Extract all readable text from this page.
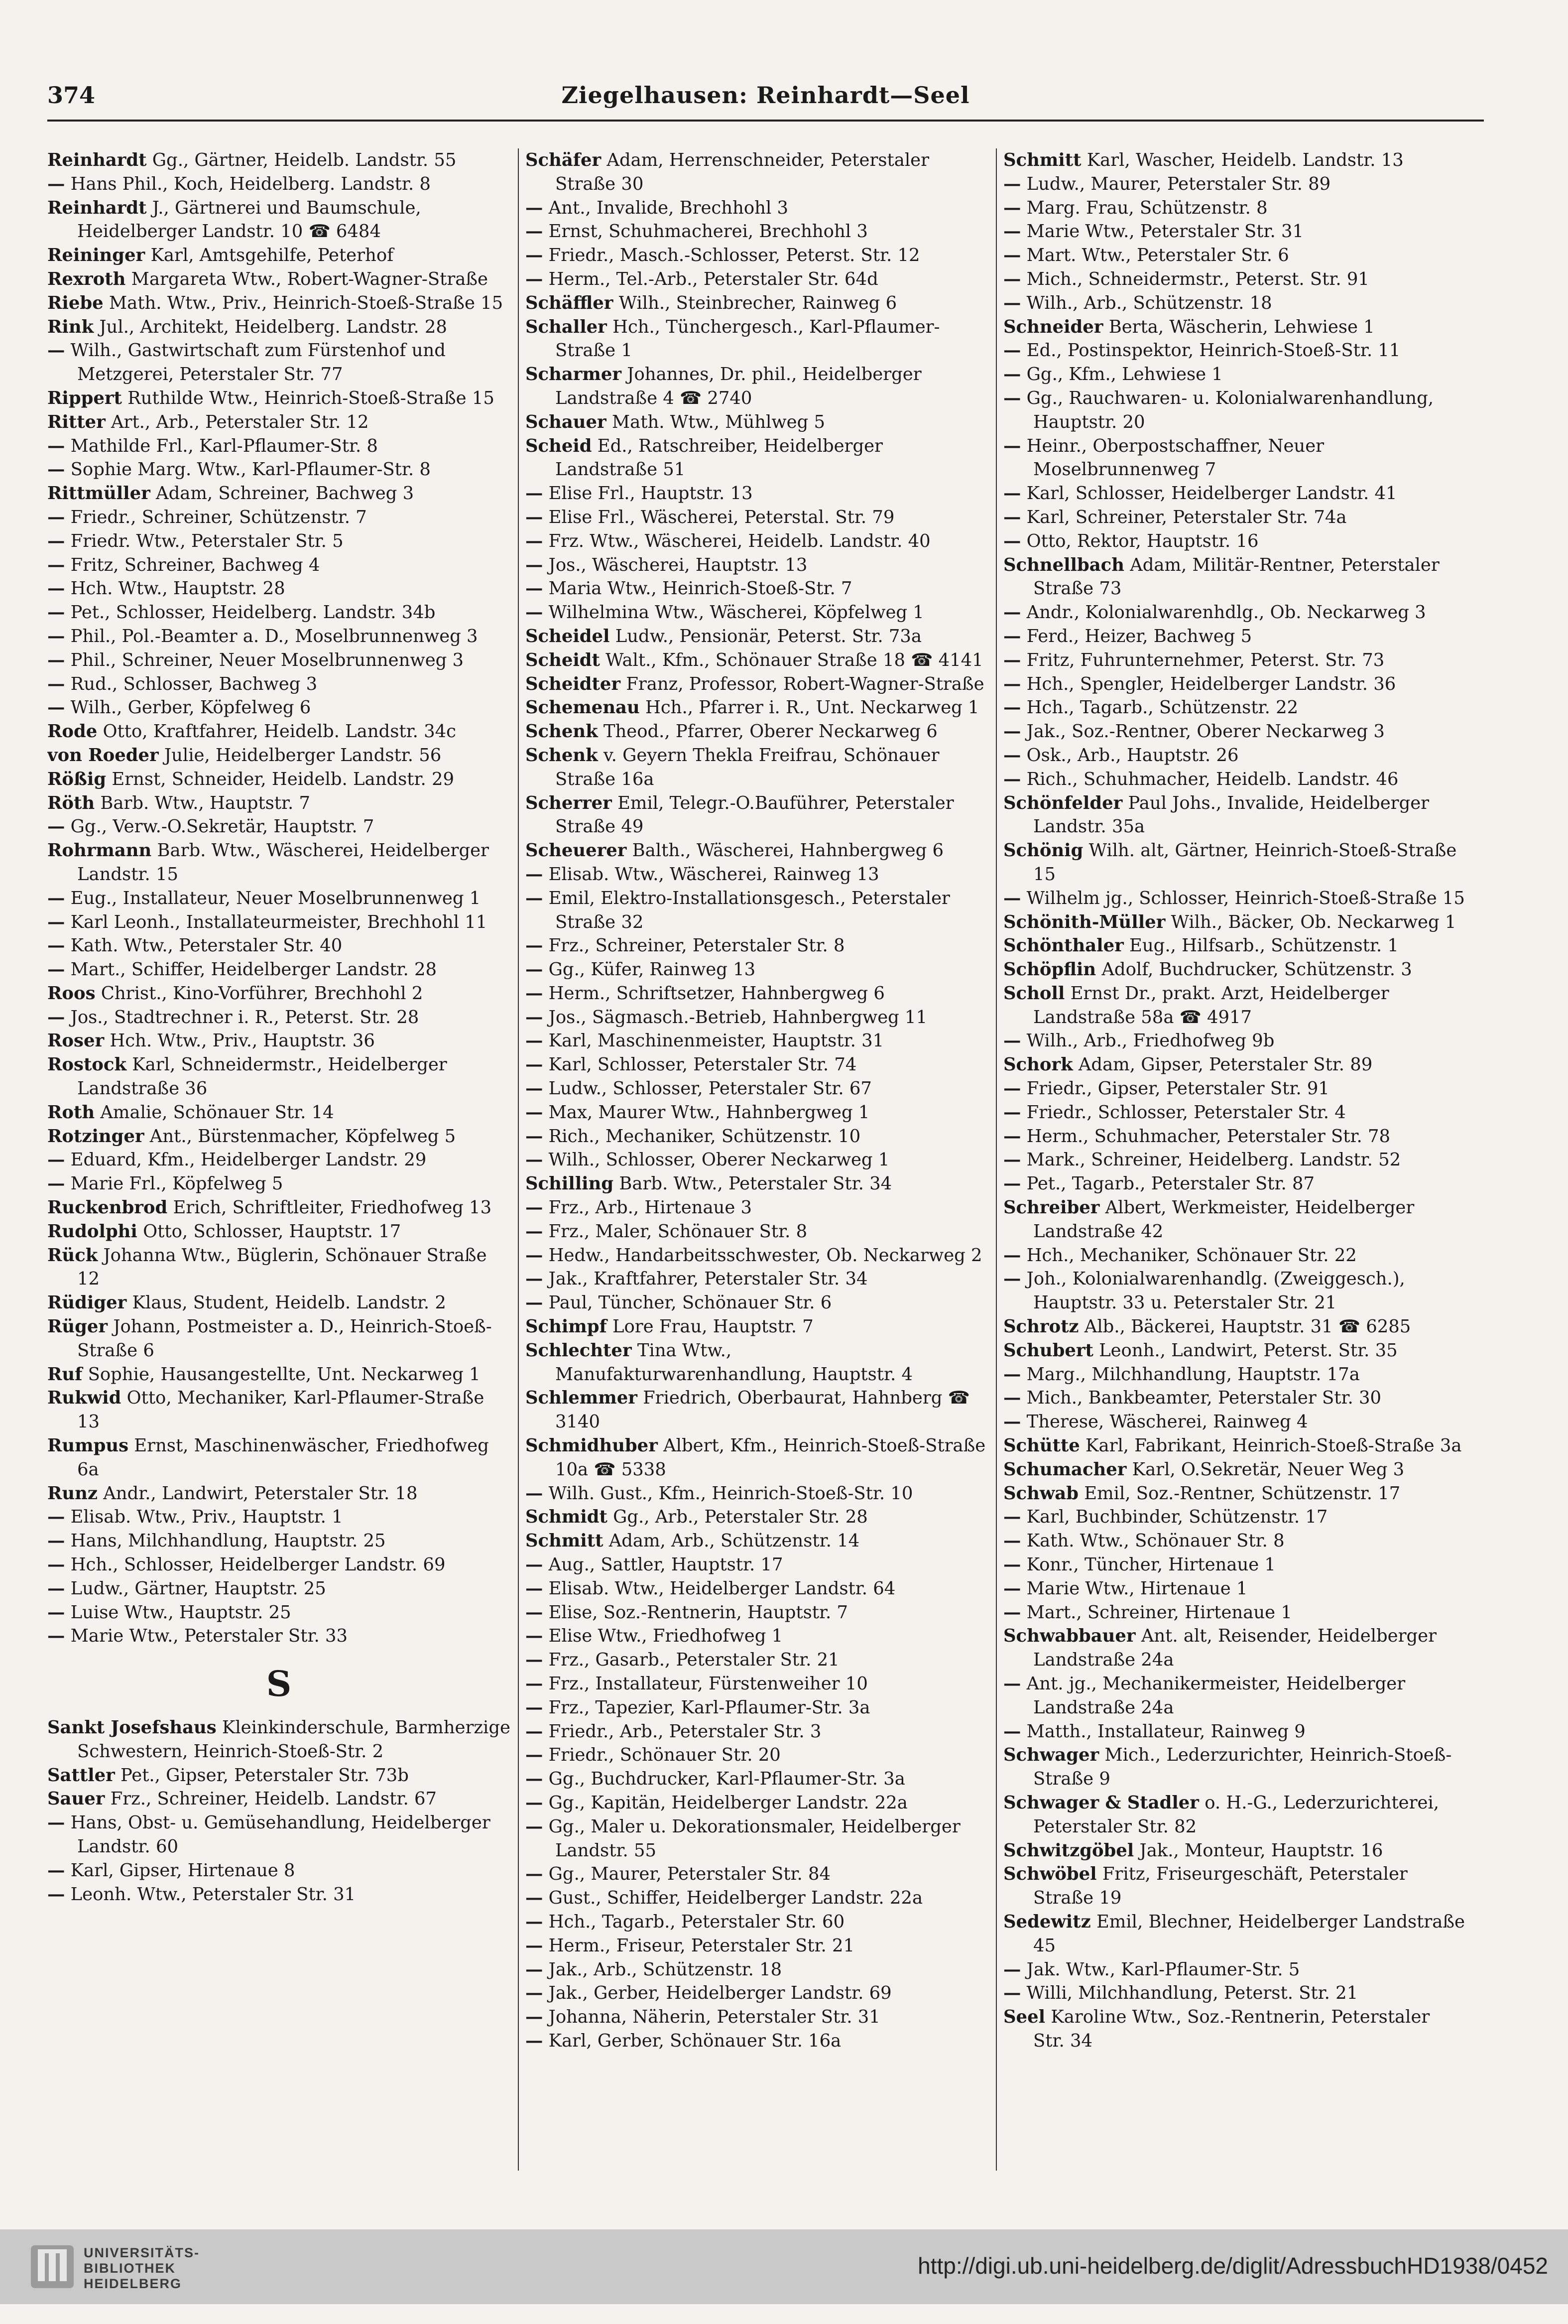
374	Ziegelhausen: Reinhardt—Seel

Reinhardt Gg., Gärtner, Heidelb. Landstr. 55

— Hans Phil., Koch, Heidelberg. Landstr. 8

Reinhardt J., Gärtnerei und Baumschule, Heidelberger Landstr. 10 ☎ 6484

Reininger Karl, Amtsgehilfe, Peterhof

Rexroth Margareta Wtw., Robert-Wagner-Straße

Riebe Math. Wtw., Priv., Heinrich-Stoeß-Straße 15

Rink Jul., Architekt, Heidelberg. Landstr. 28

— Wilh., Gastwirtschaft zum Fürstenhof und Metzgerei, Peterstaler Str. 77

Rippert Ruthilde Wtw., Heinrich-Stoeß-Straße 15

Ritter Art., Arb., Peterstaler Str. 12

— Mathilde Frl., Karl-Pflaumer-Str. 8

— Sophie Marg. Wtw., Karl-Pflaumer-Str. 8

Rittmüller Adam, Schreiner, Bachweg 3

— Friedr., Schreiner, Schützenstr. 7

— Friedr. Wtw., Peterstaler Str. 5

— Fritz, Schreiner, Bachweg 4

— Hch. Wtw., Hauptstr. 28

— Pet., Schlosser, Heidelberg. Landstr. 34b

— Phil., Pol.-Beamter a. D., Moselbrunnenweg 3

— Phil., Schreiner, Neuer Moselbrunnenweg 3

— Rud., Schlosser, Bachweg 3

— Wilh., Gerber, Köpfelweg 6

Rode Otto, Kraftfahrer, Heidelb. Landstr. 34c

von Roeder Julie, Heidelberger Landstr. 56

Rößig Ernst, Schneider, Heidelb. Landstr. 29

Röth Barb. Wtw., Hauptstr. 7

— Gg., Verw.-O.Sekretär, Hauptstr. 7

Rohrmann Barb. Wtw., Wäscherei, Heidelberger Landstr. 15

— Eug., Installateur, Neuer Moselbrunnenweg 1

— Karl Leonh., Installateurmeister, Brechhohl 11

— Kath. Wtw., Peterstaler Str. 40

— Mart., Schiffer, Heidelberger Landstr. 28

Roos Christ., Kino-Vorführer, Brechhohl 2

— Jos., Stadtrechner i. R., Peterst. Str. 28

Roser Hch. Wtw., Priv., Hauptstr. 36

Rostock Karl, Schneidermstr., Heidelberger Landstraße 36

Roth Amalie, Schönauer Str. 14

Rotzinger Ant., Bürstenmacher, Köpfelweg 5

— Eduard, Kfm., Heidelberger Landstr. 29

— Marie Frl., Köpfelweg 5

Ruckenbrod Erich, Schriftleiter, Friedhofweg 13

Rudolphi Otto, Schlosser, Hauptstr. 17

Rück Johanna Wtw., Büglerin, Schönauer Straße 12

Rüdiger Klaus, Student, Heidelb. Landstr. 2

Rüger Johann, Postmeister a. D., Heinrich-Stoeß-Straße 6

Ruf Sophie, Hausangestellte, Unt. Neckarweg 1

Rukwid Otto, Mechaniker, Karl-Pflaumer-Straße 13

Rumpus Ernst, Maschinenwäscher, Friedhofweg 6a

Runz Andr., Landwirt, Peterstaler Str. 18

— Elisab. Wtw., Priv., Hauptstr. 1

— Hans, Milchhandlung, Hauptstr. 25

— Hch., Schlosser, Heidelberger Landstr. 69

— Ludw., Gärtner, Hauptstr. 25

— Luise Wtw., Hauptstr. 25

— Marie Wtw., Peterstaler Str. 33

S

Sankt Josefshaus Kleinkinderschule, Barmherzige Schwestern, Heinrich-Stoeß-Str. 2

Sattler Pet., Gipser, Peterstaler Str. 73b

Sauer Frz., Schreiner, Heidelb. Landstr. 67

— Hans, Obst- u. Gemüsehandlung, Heidelberger Landstr. 60

— Karl, Gipser, Hirtenaue 8

— Leonh. Wtw., Peterstaler Str. 31

Schäfer Adam, Herrenschneider, Peterstaler Straße 30

— Ant., Invalide, Brechhohl 3

— Ernst, Schuhmacherei, Brechhohl 3

— Friedr., Masch.-Schlosser, Peterst. Str. 12

— Herm., Tel.-Arb., Peterstaler Str. 64d

Schäffler Wilh., Steinbrecher, Rainweg 6

Schaller Hch., Tünchergesch., Karl-Pflaumer-Straße 1

Scharmer Johannes, Dr. phil., Heidelberger Landstraße 4 ☎ 2740

Schauer Math. Wtw., Mühlweg 5

Scheid Ed., Ratschreiber, Heidelberger Landstraße 51

— Elise Frl., Hauptstr. 13

— Elise Frl., Wäscherei, Peterstal. Str. 79

— Frz. Wtw., Wäscherei, Heidelb. Landstr. 40

— Jos., Wäscherei, Hauptstr. 13

— Maria Wtw., Heinrich-Stoeß-Str. 7

— Wilhelmina Wtw., Wäscherei, Köpfelweg 1

Scheidel Ludw., Pensionär, Peterst. Str. 73a

Scheidt Walt., Kfm., Schönauer Straße 18 ☎ 4141

Scheidter Franz, Professor, Robert-Wagner-Straße

Schemenau Hch., Pfarrer i. R., Unt. Neckarweg 1

Schenk Theod., Pfarrer, Oberer Neckarweg 6

Schenk v. Geyern Thekla Freifrau, Schönauer Straße 16a

Scherrer Emil, Telegr.-O.Bauführer, Peterstaler Straße 49

Scheuerer Balth., Wäscherei, Hahnbergweg 6

— Elisab. Wtw., Wäscherei, Rainweg 13

— Emil, Elektro-Installationsgesch., Peterstaler Straße 32

— Frz., Schreiner, Peterstaler Str. 8

— Gg., Küfer, Rainweg 13

— Herm., Schriftsetzer, Hahnbergweg 6

— Jos., Sägmasch.-Betrieb, Hahnbergweg 11

— Karl, Maschinenmeister, Hauptstr. 31

— Karl, Schlosser, Peterstaler Str. 74

— Ludw., Schlosser, Peterstaler Str. 67

— Max, Maurer Wtw., Hahnbergweg 1

— Rich., Mechaniker, Schützenstr. 10

— Wilh., Schlosser, Oberer Neckarweg 1

Schilling Barb. Wtw., Peterstaler Str. 34

— Frz., Arb., Hirtenaue 3

— Frz., Maler, Schönauer Str. 8

— Hedw., Handarbeitsschwester, Ob. Neckarweg 2

— Jak., Kraftfahrer, Peterstaler Str. 34

— Paul, Tüncher, Schönauer Str. 6

Schimpf Lore Frau, Hauptstr. 7

Schlechter Tina Wtw., Manufakturwarenhandlung, Hauptstr. 4

Schlemmer Friedrich, Oberbaurat, Hahnberg ☎ 3140

Schmidhuber Albert, Kfm., Heinrich-Stoeß-Straße 10a ☎ 5338

— Wilh. Gust., Kfm., Heinrich-Stoeß-Str. 10

Schmidt Gg., Arb., Peterstaler Str. 28

Schmitt Adam, Arb., Schützenstr. 14

— Aug., Sattler, Hauptstr. 17

— Elisab. Wtw., Heidelberger Landstr. 64

— Elise, Soz.-Rentnerin, Hauptstr. 7

— Elise Wtw., Friedhofweg 1

— Frz., Gasarb., Peterstaler Str. 21

— Frz., Installateur, Fürstenweiher 10

— Frz., Tapezier, Karl-Pflaumer-Str. 3a

— Friedr., Arb., Peterstaler Str. 3

— Friedr., Schönauer Str. 20

— Gg., Buchdrucker, Karl-Pflaumer-Str. 3a

— Gg., Kapitän, Heidelberger Landstr. 22a

— Gg., Maler u. Dekorationsmaler, Heidelberger Landstr. 55

— Gg., Maurer, Peterstaler Str. 84

— Gust., Schiffer, Heidelberger Landstr. 22a

— Hch., Tagarb., Peterstaler Str. 60

— Herm., Friseur, Peterstaler Str. 21

— Jak., Arb., Schützenstr. 18

— Jak., Gerber, Heidelberger Landstr. 69

— Johanna, Näherin, Peterstaler Str. 31

— Karl, Gerber, Schönauer Str. 16a

Schmitt Karl, Wascher, Heidelb. Landstr. 13

— Ludw., Maurer, Peterstaler Str. 89

— Marg. Frau, Schützenstr. 8

— Marie Wtw., Peterstaler Str. 31

— Mart. Wtw., Peterstaler Str. 6

— Mich., Schneidermstr., Peterst. Str. 91

— Wilh., Arb., Schützenstr. 18

Schneider Berta, Wäscherin, Lehwiese 1

— Ed., Postinspektor, Heinrich-Stoeß-Str. 11

— Gg., Kfm., Lehwiese 1

— Gg., Rauchwaren- u. Kolonialwarenhandlung, Hauptstr. 20

— Heinr., Oberpostschaffner, Neuer Moselbrunnenweg 7

— Karl, Schlosser, Heidelberger Landstr. 41

— Karl, Schreiner, Peterstaler Str. 74a

— Otto, Rektor, Hauptstr. 16

Schnellbach Adam, Militär-Rentner, Peterstaler Straße 73

— Andr., Kolonialwarenhdlg., Ob. Neckarweg 3

— Ferd., Heizer, Bachweg 5

— Fritz, Fuhrunternehmer, Peterst. Str. 73

— Hch., Spengler, Heidelberger Landstr. 36

— Hch., Tagarb., Schützenstr. 22

— Jak., Soz.-Rentner, Oberer Neckarweg 3

— Osk., Arb., Hauptstr. 26

— Rich., Schuhmacher, Heidelb. Landstr. 46

Schönfelder Paul Johs., Invalide, Heidelberger Landstr. 35a

Schönig Wilh. alt, Gärtner, Heinrich-Stoeß-Straße 15

— Wilhelm jg., Schlosser, Heinrich-Stoeß-Straße 15

Schönith-Müller Wilh., Bäcker, Ob. Neckarweg 1

Schönthaler Eug., Hilfsarb., Schützenstr. 1

Schöpflin Adolf, Buchdrucker, Schützenstr. 3

Scholl Ernst Dr., prakt. Arzt, Heidelberger Landstraße 58a ☎ 4917

— Wilh., Arb., Friedhofweg 9b

Schork Adam, Gipser, Peterstaler Str. 89

— Friedr., Gipser, Peterstaler Str. 91

— Friedr., Schlosser, Peterstaler Str. 4

— Herm., Schuhmacher, Peterstaler Str. 78

— Mark., Schreiner, Heidelberg. Landstr. 52

— Pet., Tagarb., Peterstaler Str. 87

Schreiber Albert, Werkmeister, Heidelberger Landstraße 42

— Hch., Mechaniker, Schönauer Str. 22

— Joh., Kolonialwarenhandlg. (Zweiggesch.), Hauptstr. 33 u. Peterstaler Str. 21

Schrotz Alb., Bäckerei, Hauptstr. 31 ☎ 6285

Schubert Leonh., Landwirt, Peterst. Str. 35

— Marg., Milchhandlung, Hauptstr. 17a

— Mich., Bankbeamter, Peterstaler Str. 30

— Therese, Wäscherei, Rainweg 4

Schütte Karl, Fabrikant, Heinrich-Stoeß-Straße 3a

Schumacher Karl, O.Sekretär, Neuer Weg 3

Schwab Emil, Soz.-Rentner, Schützenstr. 17

— Karl, Buchbinder, Schützenstr. 17

— Kath. Wtw., Schönauer Str. 8

— Konr., Tüncher, Hirtenaue 1

— Marie Wtw., Hirtenaue 1

— Mart., Schreiner, Hirtenaue 1

Schwabbauer Ant. alt, Reisender, Heidelberger Landstraße 24a

— Ant. jg., Mechanikermeister, Heidelberger Landstraße 24a

— Matth., Installateur, Rainweg 9

Schwager Mich., Lederzurichter, Heinrich-Stoeß-Straße 9

Schwager & Stadler o. H.-G., Lederzurichterei, Peterstaler Str. 82

Schwitzgöbel Jak., Monteur, Hauptstr. 16

Schwöbel Fritz, Friseurgeschäft, Peterstaler Straße 19

Sedewitz Emil, Blechner, Heidelberger Landstraße 45

— Jak. Wtw., Karl-Pflaumer-Str. 5

— Willi, Milchhandlung, Peterst. Str. 21

Seel Karoline Wtw., Soz.-Rentnerin, Peterstaler Str. 34

UNIVERSITÄTS-
BIBLIOTHEK
HEIDELBERG
http://digi.ub.uni-heidelberg.de/diglit/AdressbuchHD1938/0452
